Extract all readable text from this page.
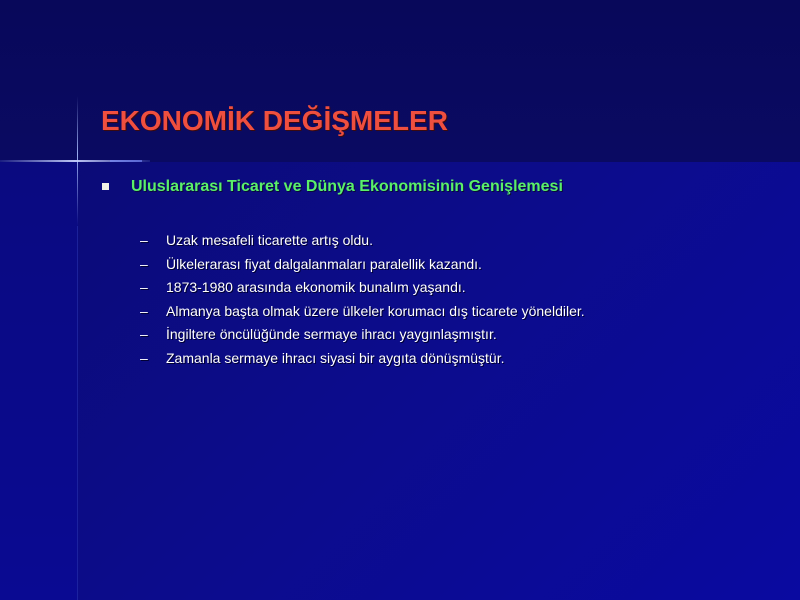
EKONOMİK DEĞİŞMELER
Uluslararası Ticaret ve Dünya Ekonomisinin Genişlemesi
–	Uzak mesafeli ticarette artış oldu.
–	Ülkelerarası fiyat dalgalanmaları paralellik kazandı.
–	1873-1980 arasında ekonomik bunalım yaşandı.
–	Almanya başta olmak üzere ülkeler korumacı dış ticarete yöneldiler.
–	İngiltere öncülüğünde sermaye ihracı yaygınlaşmıştır.
–	Zamanla sermaye ihracı siyasi bir aygıta dönüşmüştür.
